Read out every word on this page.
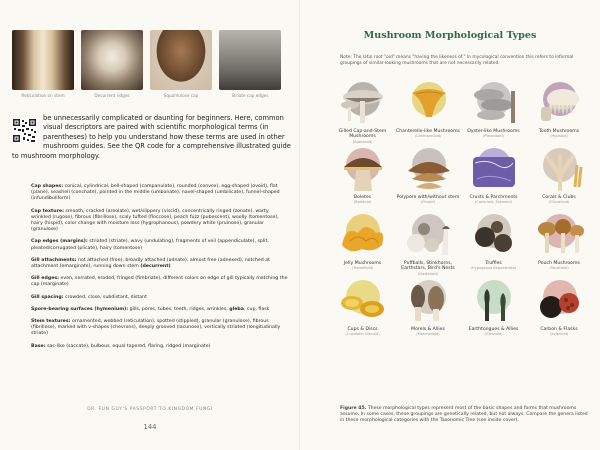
Reticulation on stem	Decurrent ridges	Squamulose cap	Striate cap edges

be unnecessarily complicated or daunting for beginners. Here, common visual descriptors are paired with scientific morphological terms (in parentheses) to help you understand how these terms are used in other mushroom guides. See the QR code for a comprehensive illustrated guide to mushroom morphology.

Cap shapes: conical, cylindrical, bell-shaped (campanulate), rounded (convex), egg-shaped (ovoid), flat (plane), seashell (conchate), pointed in the middle (umbonate), navel-shaped (umbilicate), funnel-shaped (infundibuliform)

Cap texture: smooth, cracked (areolate), wet/slippery (viscid), concentrically ringed (zonate), warty wrinkled (rugose), fibrous (fibrillose), scaly tufted (floccose), peach fuzz (pubescent), woolly (tomentose), hairy (hispid), color change with moisture loss (hygrophanous), powdery white (pruinose), granular (granulose)

Cap edges (margins): striated (striate), wavy (undulating), fragments of veil (appendiculate), split, pleated/corrugated (plicate), hairy (tomentose)

Gill attachments: not attached (free), broadly attached (adnate), almost free (adnexed), notched at attachment (emarginate), running down stem (decurrent)

Gill edges: even, serrated, eroded, fringed (fimbriate), different colors on edge of gill typically matching the cap (marginate)

Gill spacing: crowded, close, subdistant, distant

Spore-bearing surfaces (hymenium): gills, pores, tubes, teeth, ridges, wrinkles, gleba, cup, flask

Stem textures: ornamented, webbed (reticulation), spotted (stippled), granular (granulose), fibrous (fibrillose), marked with v-shapes (chevrons), deeply grooved (lacunose), vertically striated (longitudinally striate)

Base: sac-like (saccate), bulbous, equal tapered, flaring, ridged (marginate)

DR. FUN GUY'S PASSPORT TO KINGDOM FUNGI
144
Mushroom Morphological Types
Note: The latin root "oid" means "having the likeness of." In mycological convention this refers to informal groupings of similar-looking mushrooms that are not necessarily related.
Gilled Cap-and-Stem Mushrooms
(Agaricoid)
Chanterelle-like Mushrooms
(Cantharelloid)
Oyster-like Mushrooms
(Pleurotoid)
Tooth Mushrooms
(Hydnoid)
Boletes
(Boletoid)
Polypore with/without stem
(Poroid)
Crusts & Parchments
(Corticioid, Stereoid)
Corals & Clubs
(Clavarioid)
Jelly Mushrooms
(Tremelloid)
Puffballs, Stinkhorns, Earthstars, Bird's Nests
(Gasteroid)
Truffles
(Hypogeous Sequestrate)
Pouch Mushrooms
(Secotioid)
Cups & Discs
(Cupulate, Discoid)
Morels & Allies
(Morchelloid)
Earthtongues & Allies
(Glossoid)
Carbon & Flasks
(Xylarioid)
Figure 45. These morphological types represent most of the basic shapes and forms that mushrooms assume. In some cases, these groupings are genetically related, but not always. Compare the genera listed in these morphological categories with the Taxonomic Tree (see inside cover).
